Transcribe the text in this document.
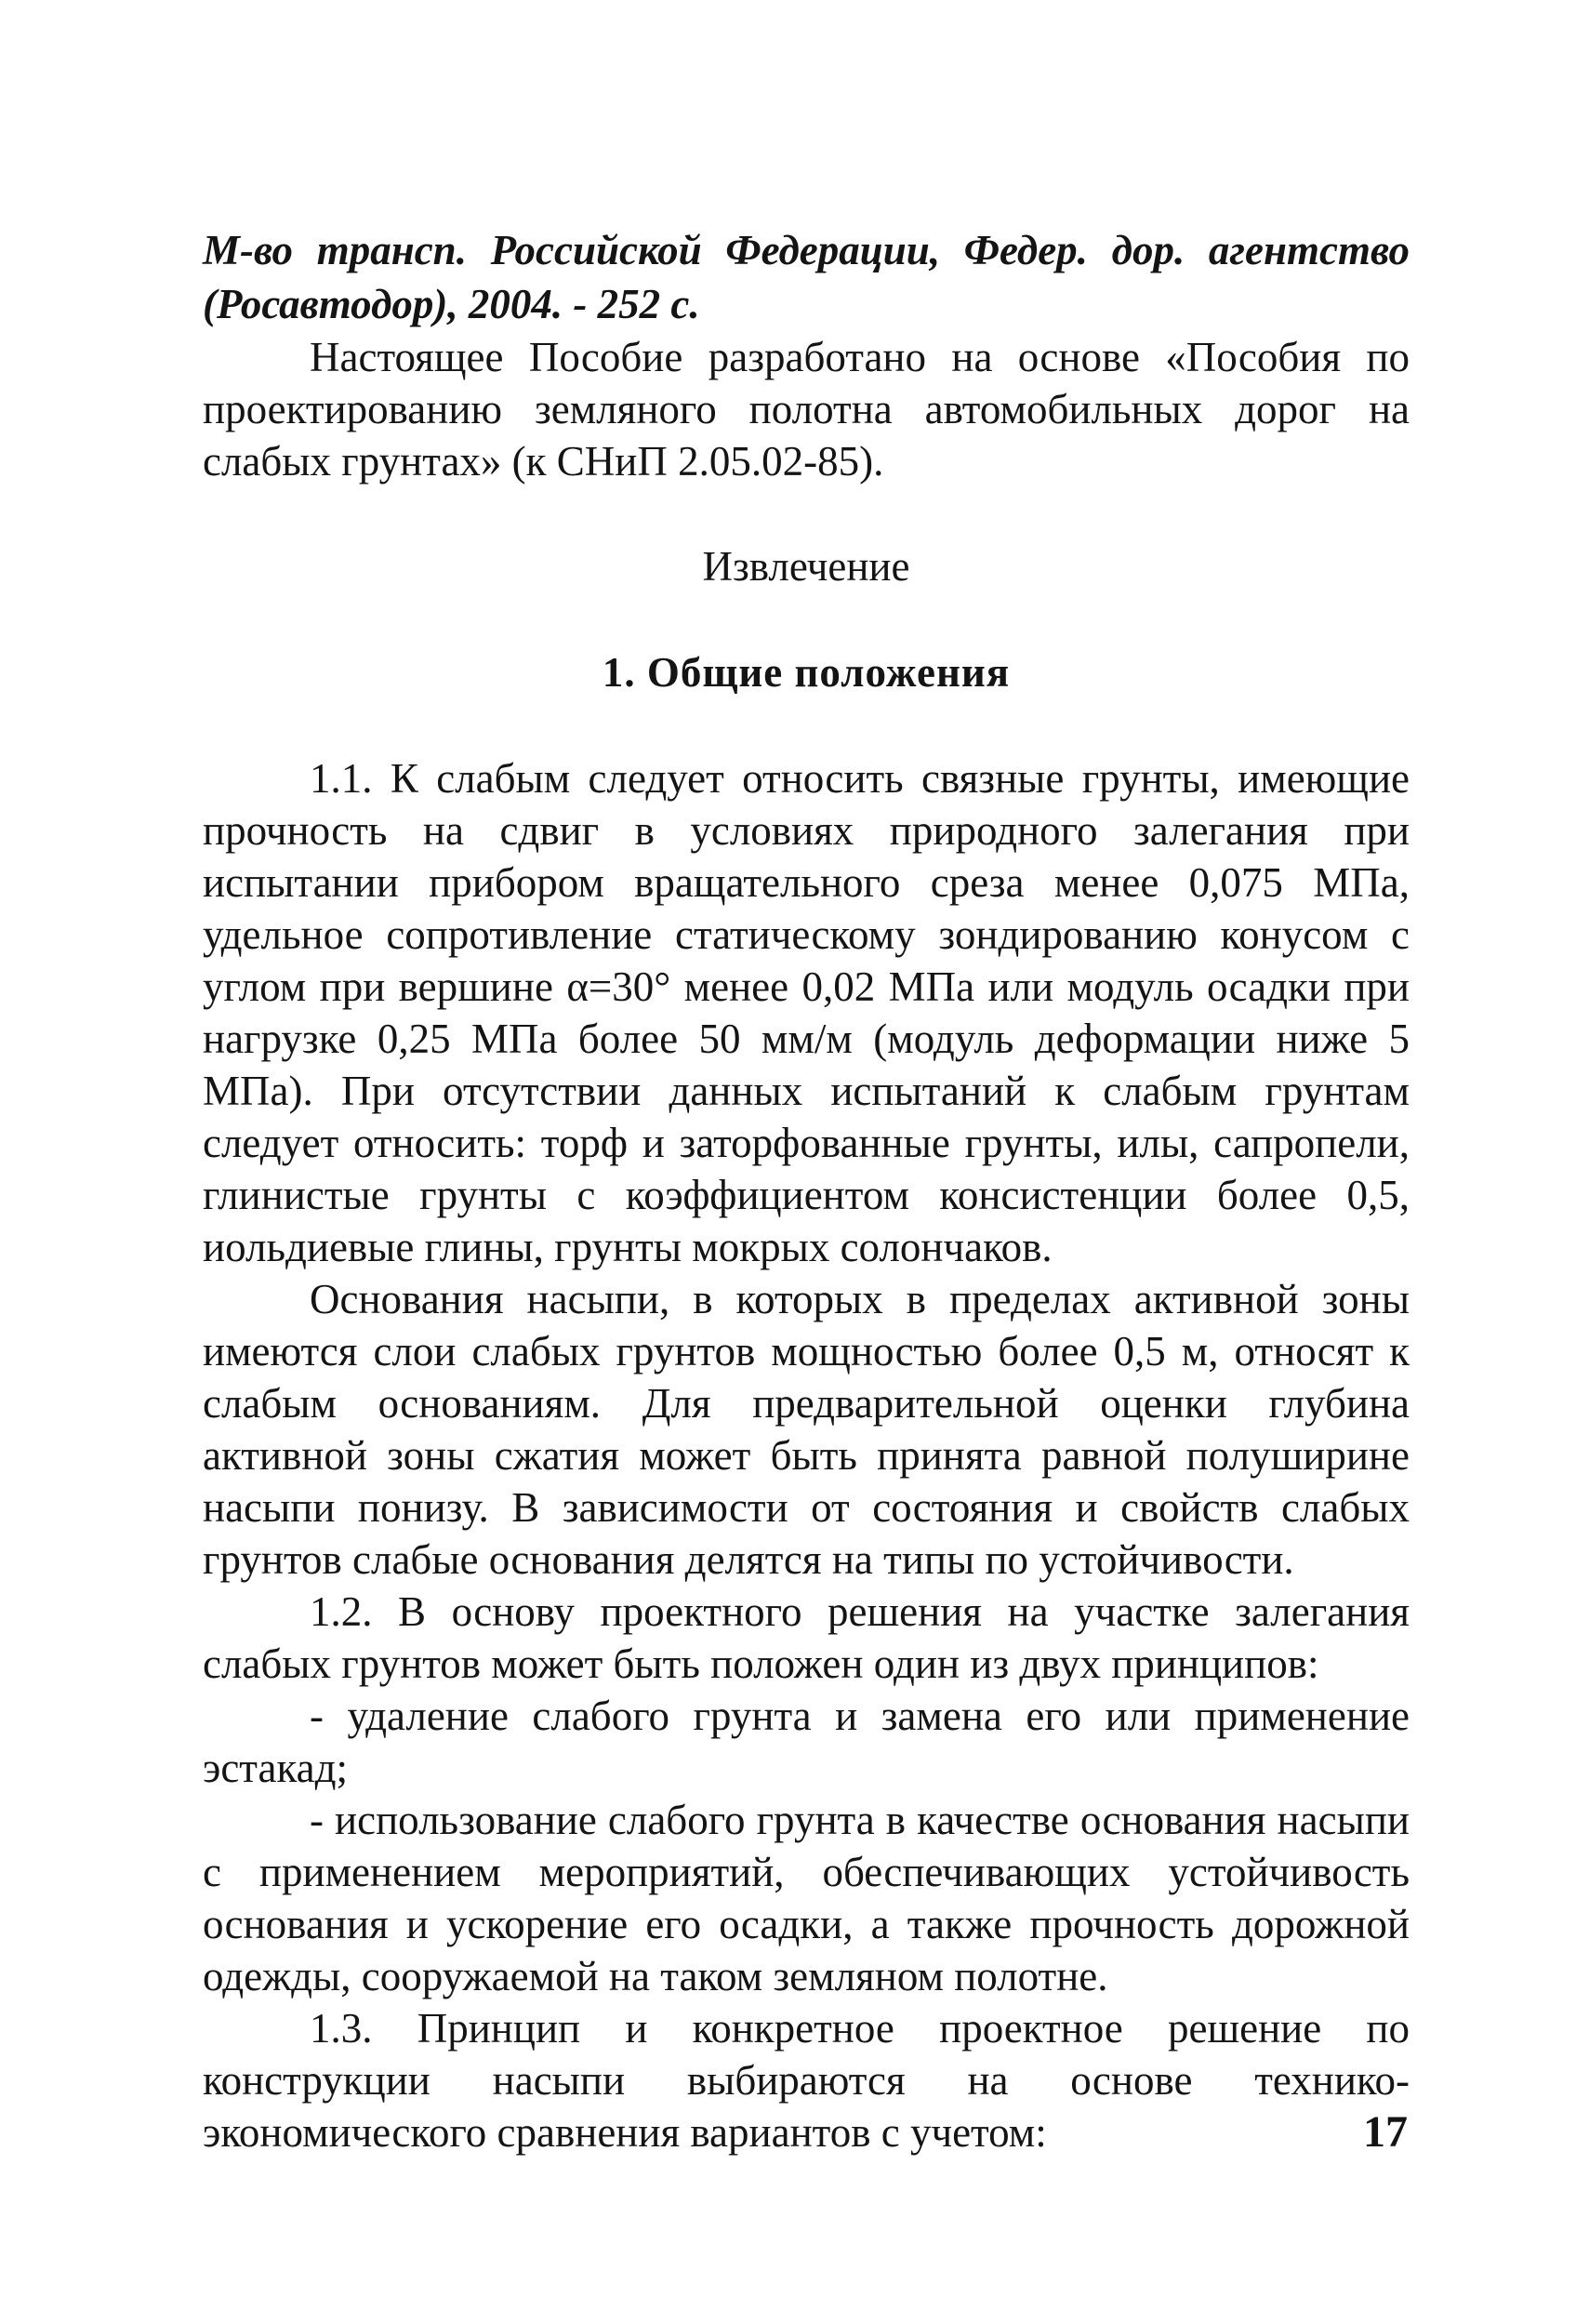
М-во трансп. Российской Федерации, Федер. дор. агентство (Росавтодор), 2004. - 252 с.

Настоящее Пособие разработано на основе «Пособия по проектированию земляного полотна автомобильных дорог на слабых грунтах» (к СНиП 2.05.02-85).

Извлечение
1. Общие положения

1.1. К слабым следует относить связные грунты, имеющие прочность на сдвиг в условиях природного залегания при испытании прибором вращательного среза менее 0,075 МПа, удельное сопротивление статическому зондированию конусом с углом при вершине α=30° менее 0,02 МПа или модуль осадки при нагрузке 0,25 МПа более 50 мм/м (модуль деформации ниже 5 МПа). При отсутствии данных испытаний к слабым грунтам следует относить: торф и заторфованные грунты, илы, сапропели, глинистые грунты с коэффициентом консистенции более 0,5, иольдиевые глины, грунты мокрых солончаков.

Основания насыпи, в которых в пределах активной зоны имеются слои слабых грунтов мощностью более 0,5 м, относят к слабым основаниям. Для предварительной оценки глубина активной зоны сжатия может быть принята равной полуширине насыпи понизу. В зависимости от состояния и свойств слабых грунтов слабые основания делятся на типы по устойчивости.

1.2. В основу проектного решения на участке залегания слабых грунтов может быть положен один из двух принципов:

- удаление слабого грунта и замена его или применение эстакад;

- использование слабого грунта в качестве основания насыпи с применением мероприятий, обеспечивающих устойчивость основания и ускорение его осадки, а также прочность дорожной одежды, сооружаемой на таком земляном полотне.

1.3. Принцип и конкретное проектное решение по конструкции насыпи выбираются на основе технико-экономического сравнения вариантов с учетом:	17
